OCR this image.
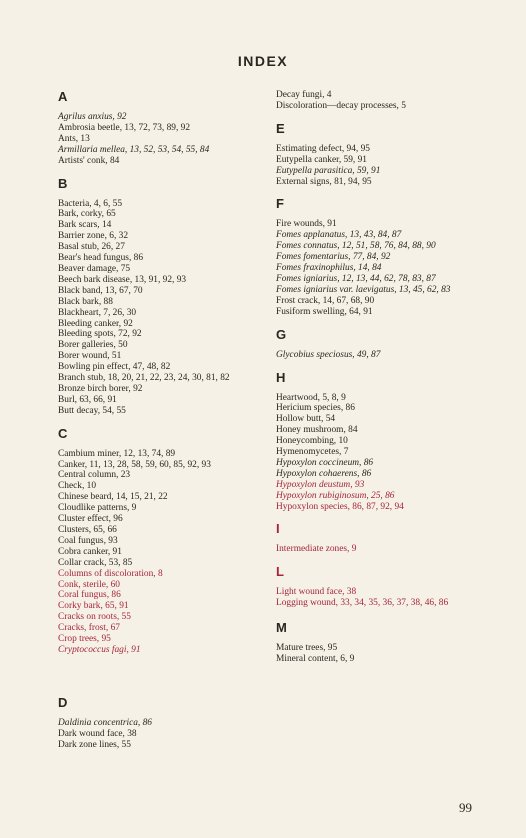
INDEX
A
Agrilus anxius, 92
Ambrosia beetle, 13, 72, 73, 89, 92
Ants, 13
Armillaria mellea, 13, 52, 53, 54, 55, 84
Artists' conk, 84
B
Bacteria, 4, 6, 55
Bark, corky, 65
Bark scars, 14
Barrier zone, 6, 32
Basal stub, 26, 27
Bear's head fungus, 86
Beaver damage, 75
Beech bark disease, 13, 91, 92, 93
Black band, 13, 67, 70
Black bark, 88
Blackheart, 7, 26, 30
Bleeding canker, 92
Bleeding spots, 72, 92
Borer galleries, 50
Borer wound, 51
Bowling pin effect, 47, 48, 82
Branch stub, 18, 20, 21, 22, 23, 24, 30, 81, 82
Bronze birch borer, 92
Burl, 63, 66, 91
Butt decay, 54, 55
C
Cambium miner, 12, 13, 74, 89
Canker, 11, 13, 28, 58, 59, 60, 85, 92, 93
Central column, 23
Check, 10
Chinese beard, 14, 15, 21, 22
Cloudlike patterns, 9
Cluster effect, 96
Clusters, 65, 66
Coal fungus, 93
Cobra canker, 91
Collar crack, 53, 85
Columns of discoloration, 8
Conk, sterile, 60
Coral fungus, 86
Corky bark, 65, 91
Cracks on roots, 55
Cracks, frost, 67
Crop trees, 95
Cryptococcus fagi, 91
D
Daldinia concentrica, 86
Dark wound face, 38
Dark zone lines, 55
Decay fungi, 4
Discoloration—decay processes, 5
E
Estimating defect, 94, 95
Eutypella canker, 59, 91
Eutypella parasitica, 59, 91
External signs, 81, 94, 95
F
Fire wounds, 91
Fomes applanatus, 13, 43, 84, 87
Fomes connatus, 12, 51, 58, 76, 84, 88, 90
Fomes fomentarius, 77, 84, 92
Fomes fraxinophilus, 14, 84
Fomes igniarius, 12, 13, 44, 62, 78, 83, 87
Fomes igniarius var. laevigatus, 13, 45, 62, 83
Frost crack, 14, 67, 68, 90
Fusiform swelling, 64, 91
G
Glycobius speciosus, 49, 87
H
Heartwood, 5, 8, 9
Hericium species, 86
Hollow butt, 54
Honey mushroom, 84
Honeycombing, 10
Hymenomycetes, 7
Hypoxylon coccineum, 86
Hypoxylon cohaerens, 86
Hypoxylon deustum, 93
Hypoxylon rubiginosum, 25, 86
Hypoxylon species, 86, 87, 92, 94
I
Intermediate zones, 9
L
Light wound face, 38
Logging wound, 33, 34, 35, 36, 37, 38, 46, 86
M
Mature trees, 95
Mineral content, 6, 9
99
